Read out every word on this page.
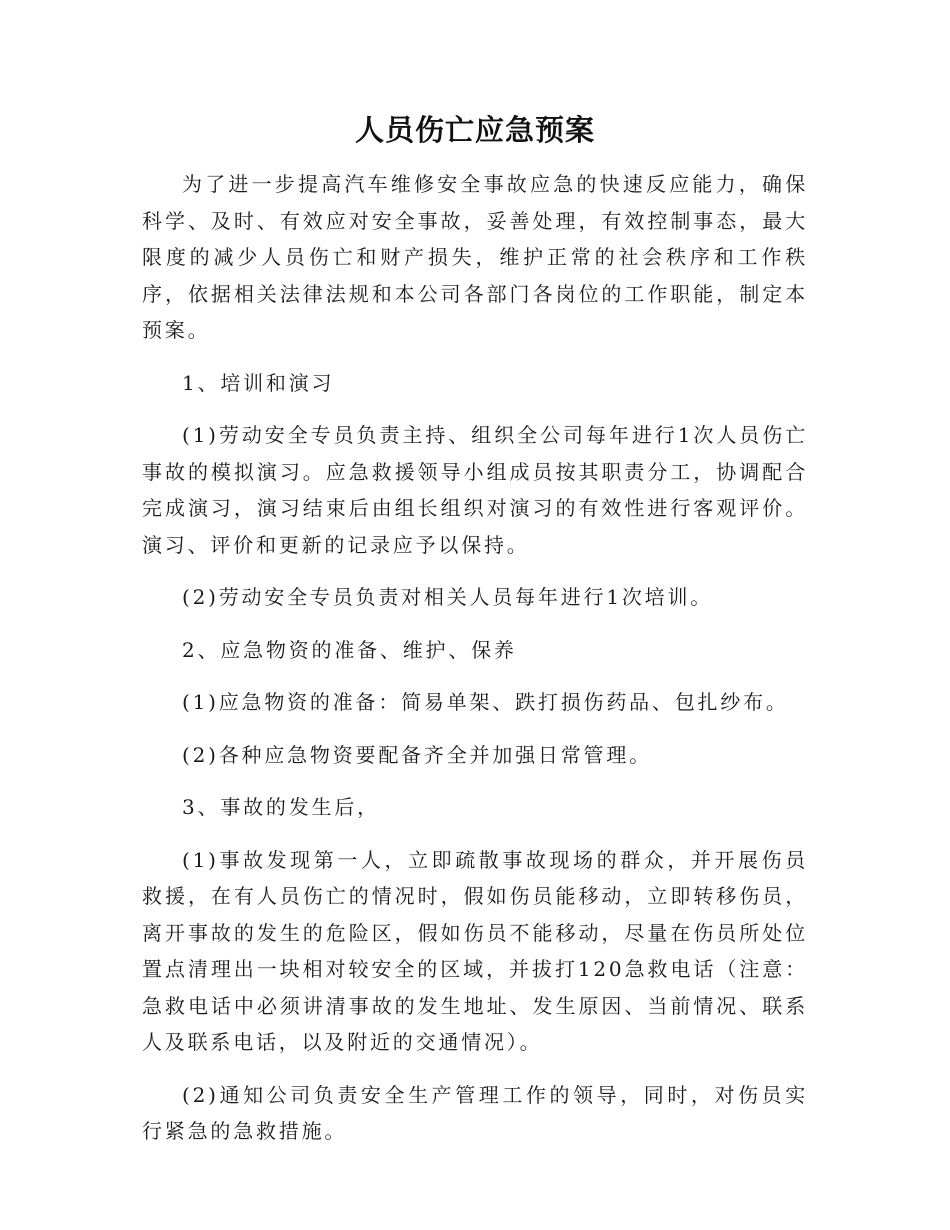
人员伤亡应急预案

为了进一步提高汽车维修安全事故应急的快速反应能力，确保科学、及时、有效应对安全事故，妥善处理，有效控制事态，最大限度的减少人员伤亡和财产损失，维护正常的社会秩序和工作秩序，依据相关法律法规和本公司各部门各岗位的工作职能，制定本预案。

1、培训和演习

(1)劳动安全专员负责主持、组织全公司每年进行1次人员伤亡事故的模拟演习。应急救援领导小组成员按其职责分工，协调配合完成演习，演习结束后由组长组织对演习的有效性进行客观评价。演习、评价和更新的记录应予以保持。

(2)劳动安全专员负责对相关人员每年进行1次培训。

2、应急物资的准备、维护、保养

(1)应急物资的准备：简易单架、跌打损伤药品、包扎纱布。

(2)各种应急物资要配备齐全并加强日常管理。

3、事故的发生后，

(1)事故发现第一人，立即疏散事故现场的群众，并开展伤员救援，在有人员伤亡的情况时，假如伤员能移动，立即转移伤员，离开事故的发生的危险区，假如伤员不能移动，尽量在伤员所处位置点清理出一块相对较安全的区域，并拔打120急救电话（注意：急救电话中必须讲清事故的发生地址、发生原因、当前情况、联系人及联系电话，以及附近的交通情况）。

(2)通知公司负责安全生产管理工作的领导，同时，对伤员实行紧急的急救措施。
